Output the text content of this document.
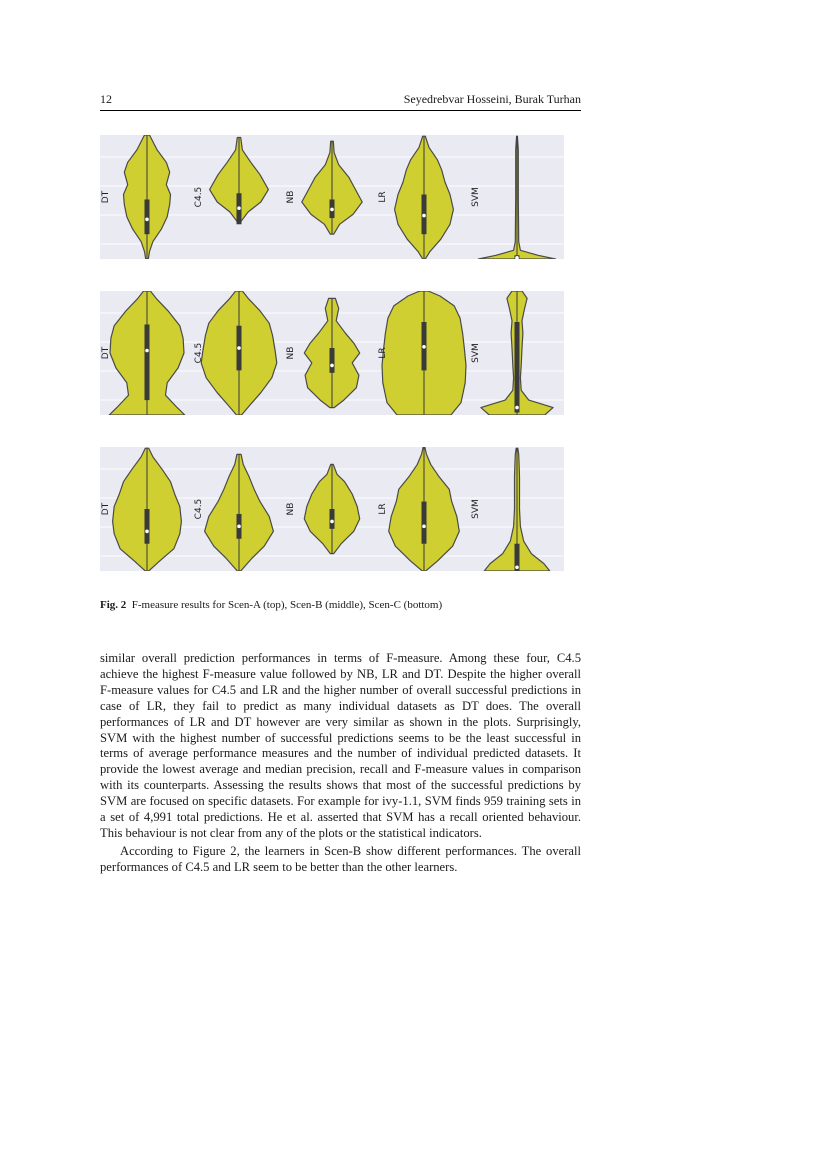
12	Seyedrebvar Hosseini, Burak Turhan
DT	C4.5	NB	LR	SVM
DT	C4.5	NB	LR	SVM
DT	C4.5	NB	LR	SVM
Fig. 2 F-measure results for Scen-A (top), Scen-B (middle), Scen-C (bottom)

similar overall prediction performances in terms of F-measure. Among these four, C4.5 achieve the highest F-measure value followed by NB, LR and DT. Despite the higher overall F-measure values for C4.5 and LR and the higher number of overall successful predictions in case of LR, they fail to predict as many individual datasets as DT does. The overall performances of LR and DT however are very similar as shown in the plots. Surprisingly, SVM with the highest number of successful predictions seems to be the least successful in terms of average performance measures and the number of individual predicted datasets. It provide the lowest average and median precision, recall and F-measure values in comparison with its counterparts. Assessing the results shows that most of the successful predictions by SVM are focused on specific datasets. For example for ivy-1.1, SVM finds 959 training sets in a set of 4,991 total predictions. He et al. asserted that SVM has a recall oriented behaviour. This behaviour is not clear from any of the plots or the statistical indicators.

According to Figure 2, the learners in Scen-B show different performances. The overall performances of C4.5 and LR seem to be better than the other learners.
